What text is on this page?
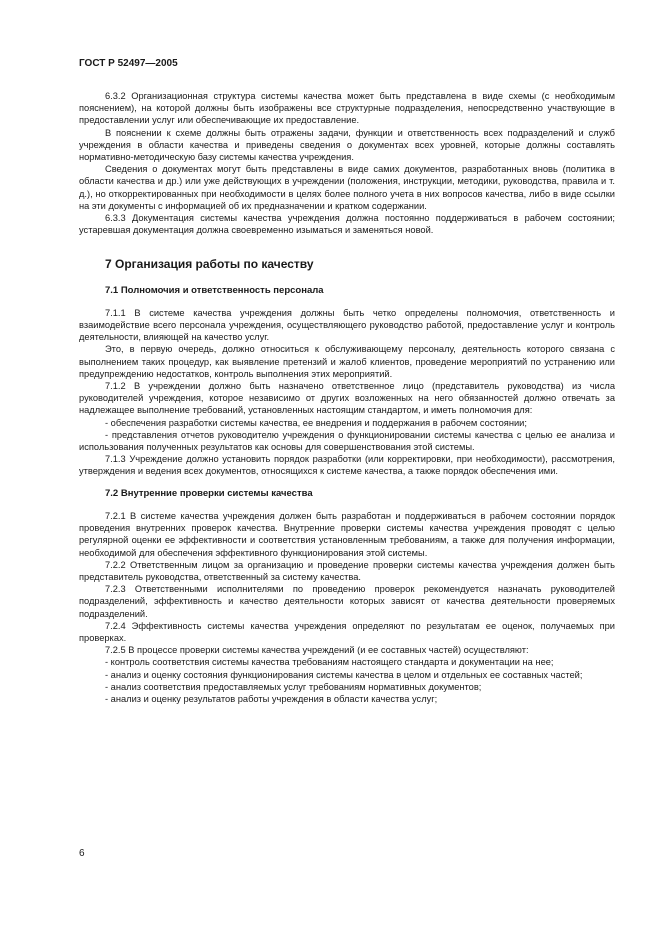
ГОСТ Р 52497—2005

6.3.2 Организационная структура системы качества может быть представлена в виде схемы (с необходимым пояснением), на которой должны быть изображены все структурные подразделения, непосредственно участвующие в предоставлении услуг или обеспечивающие их предоставление.

В пояснении к схеме должны быть отражены задачи, функции и ответственность всех подразделений и служб учреждения в области качества и приведены сведения о документах всех уровней, которые должны составлять нормативно-методическую базу системы качества учреждения.

Сведения о документах могут быть представлены в виде самих документов, разработанных вновь (политика в области качества и др.) или уже действующих в учреждении (положения, инструкции, методики, руководства, правила и т. д.), но откорректированных при необходимости в целях более полного учета в них вопросов качества, либо в виде ссылки на эти документы с информацией об их предназначении и кратком содержании.

6.3.3 Документация системы качества учреждения должна постоянно поддерживаться в рабочем состоянии; устаревшая документация должна своевременно изыматься и заменяться новой.

7 Организация работы по качеству
7.1 Полномочия и ответственность персонала

7.1.1 В системе качества учреждения должны быть четко определены полномочия, ответственность и взаимодействие всего персонала учреждения, осуществляющего руководство работой, предоставление услуг и контроль деятельности, влияющей на качество услуг.

Это, в первую очередь, должно относиться к обслуживающему персоналу, деятельность которого связана с выполнением таких процедур, как выявление претензий и жалоб клиентов, проведение мероприятий по устранению или предупреждению недостатков, контроль выполнения этих мероприятий.

7.1.2 В учреждении должно быть назначено ответственное лицо (представитель руководства) из числа руководителей учреждения, которое независимо от других возложенных на него обязанностей должно отвечать за надлежащее выполнение требований, установленных настоящим стандартом, и иметь полномочия для:

- обеспечения разработки системы качества, ее внедрения и поддержания в рабочем состоянии;

- представления отчетов руководителю учреждения о функционировании системы качества с целью ее анализа и использования полученных результатов как основы для совершенствования этой системы.

7.1.3 Учреждение должно установить порядок разработки (или корректировки, при необходимости), рассмотрения, утверждения и ведения всех документов, относящихся к системе качества, а также порядок обеспечения ими.

7.2 Внутренние проверки системы качества

7.2.1 В системе качества учреждения должен быть разработан и поддерживаться в рабочем состоянии порядок проведения внутренних проверок качества. Внутренние проверки системы качества учреждения проводят с целью регулярной оценки ее эффективности и соответствия установленным требованиям, а также для получения информации, необходимой для обеспечения эффективного функционирования этой системы.

7.2.2 Ответственным лицом за организацию и проведение проверки системы качества учреждения должен быть представитель руководства, ответственный за систему качества.

7.2.3 Ответственными исполнителями по проведению проверок рекомендуется назначать руководителей подразделений, эффективность и качество деятельности которых зависят от качества деятельности проверяемых подразделений.

7.2.4 Эффективность системы качества учреждения определяют по результатам ее оценок, получаемых при проверках.

7.2.5 В процессе проверки системы качества учреждений (и ее составных частей) осуществляют:

- контроль соответствия системы качества требованиям настоящего стандарта и документации на нее;

- анализ и оценку состояния функционирования системы качества в целом и отдельных ее составных частей;

- анализ соответствия предоставляемых услуг требованиям нормативных документов;

- анализ и оценку результатов работы учреждения в области качества услуг;

6
